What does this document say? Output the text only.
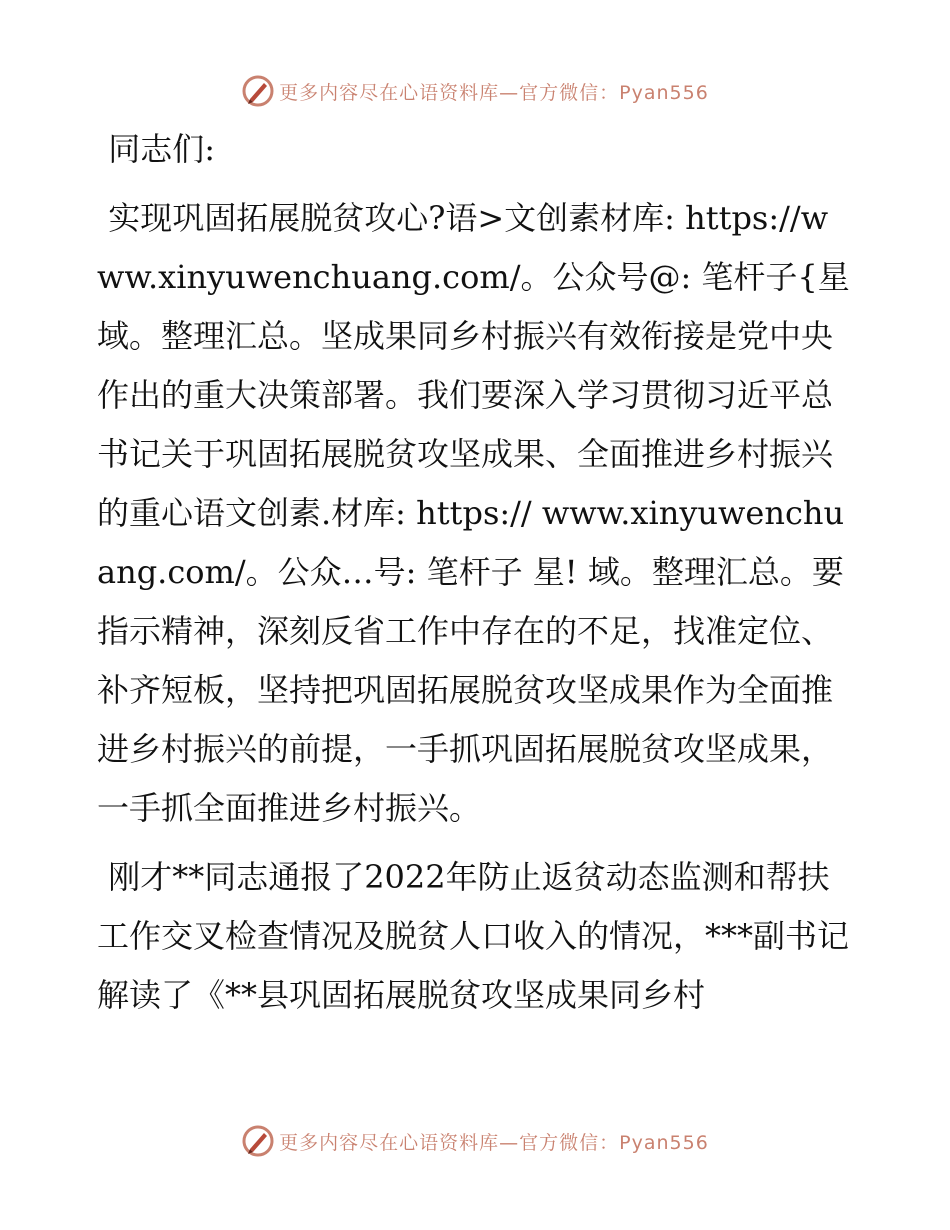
更多内容尽在心语资料库—官方微信：Pyan556

同志们:

实现巩固拓展脱贫攻心?语>文创素材库: https://www.xinyuwenchuang.com/。公众号@: 笔杆子{星域。整理汇总。坚成果同乡村振兴有效衔接是党中央作出的重大决策部署。我们要深入学习贯彻习近平总书记关于巩固拓展脱贫攻坚成果、全面推进乡村振兴的重心语文创素.材库: https:// www.xinyuwenchuang.com/。公众…号: 笔杆子 星! 域。整理汇总。要指示精神，深刻反省工作中存在的不足，找准定位、补齐短板，坚持把巩固拓展脱贫攻坚成果作为全面推进乡村振兴的前提，一手抓巩固拓展脱贫攻坚成果，一手抓全面推进乡村振兴。

刚才**同志通报了2022年防止返贫动态监测和帮扶工作交叉检查情况及脱贫人口收入的情况，***副书记解读了《**县巩固拓展脱贫攻坚成果同乡村

更多内容尽在心语资料库—官方微信：Pyan556
